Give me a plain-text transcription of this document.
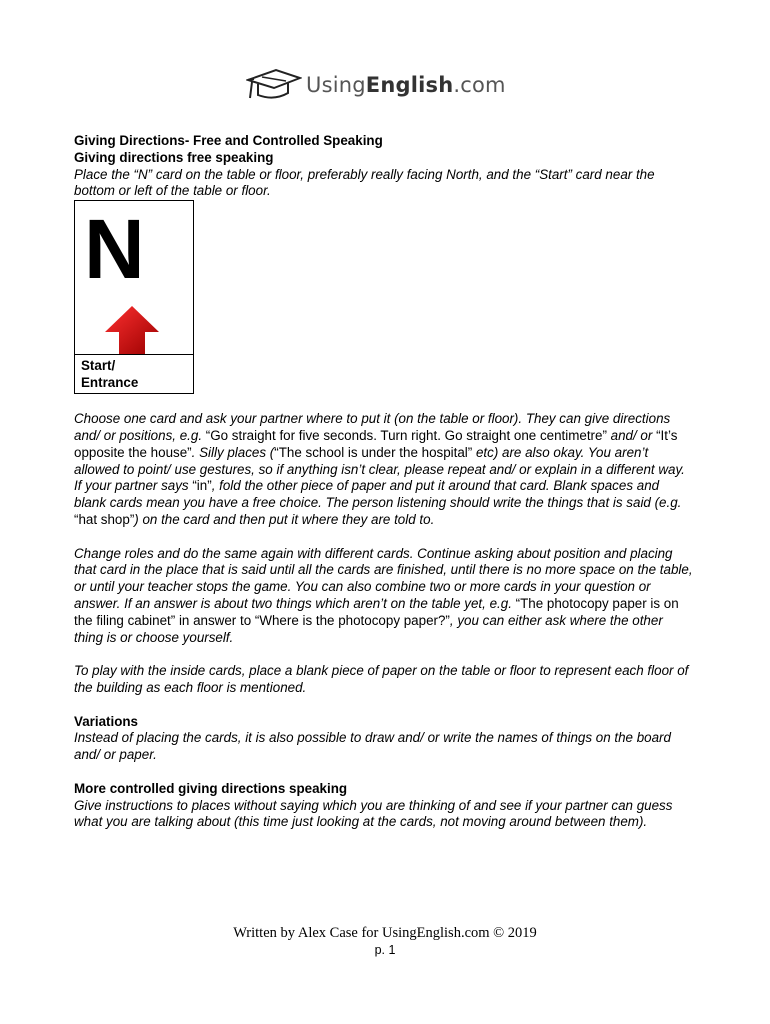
UsingEnglish.com

Giving Directions- Free and Controlled Speaking

Giving directions free speaking

Place the “N” card on the table or floor, preferably really facing North, and the “Start” card near the bottom or left of the table or floor.

N
Start/
Entrance

Choose one card and ask your partner where to put it (on the table or floor). They can give directions and/ or positions, e.g. “Go straight for five seconds. Turn right. Go straight one centimetre” and/ or “It’s opposite the house”. Silly places (“The school is under the hospital” etc) are also okay. You aren’t allowed to point/ use gestures, so if anything isn’t clear, please repeat and/ or explain in a different way. If your partner says “in”, fold the other piece of paper and put it around that card. Blank spaces and blank cards mean you have a free choice. The person listening should write the things that is said (e.g. “hat shop”) on the card and then put it where they are told to.

Change roles and do the same again with different cards. Continue asking about position and placing that card in the place that is said until all the cards are finished, until there is no more space on the table, or until your teacher stops the game. You can also combine two or more cards in your question or answer. If an answer is about two things which aren’t on the table yet, e.g. “The photocopy paper is on the filing cabinet” in answer to “Where is the photocopy paper?”, you can either ask where the other thing is or choose yourself.

To play with the inside cards, place a blank piece of paper on the table or floor to represent each floor of the building as each floor is mentioned.

Variations

Instead of placing the cards, it is also possible to draw and/ or write the names of things on the board and/ or paper.

More controlled giving directions speaking

Give instructions to places without saying which you are thinking of and see if your partner can guess what you are talking about (this time just looking at the cards, not moving around between them).

Written by Alex Case for UsingEnglish.com © 2019
p. 1
